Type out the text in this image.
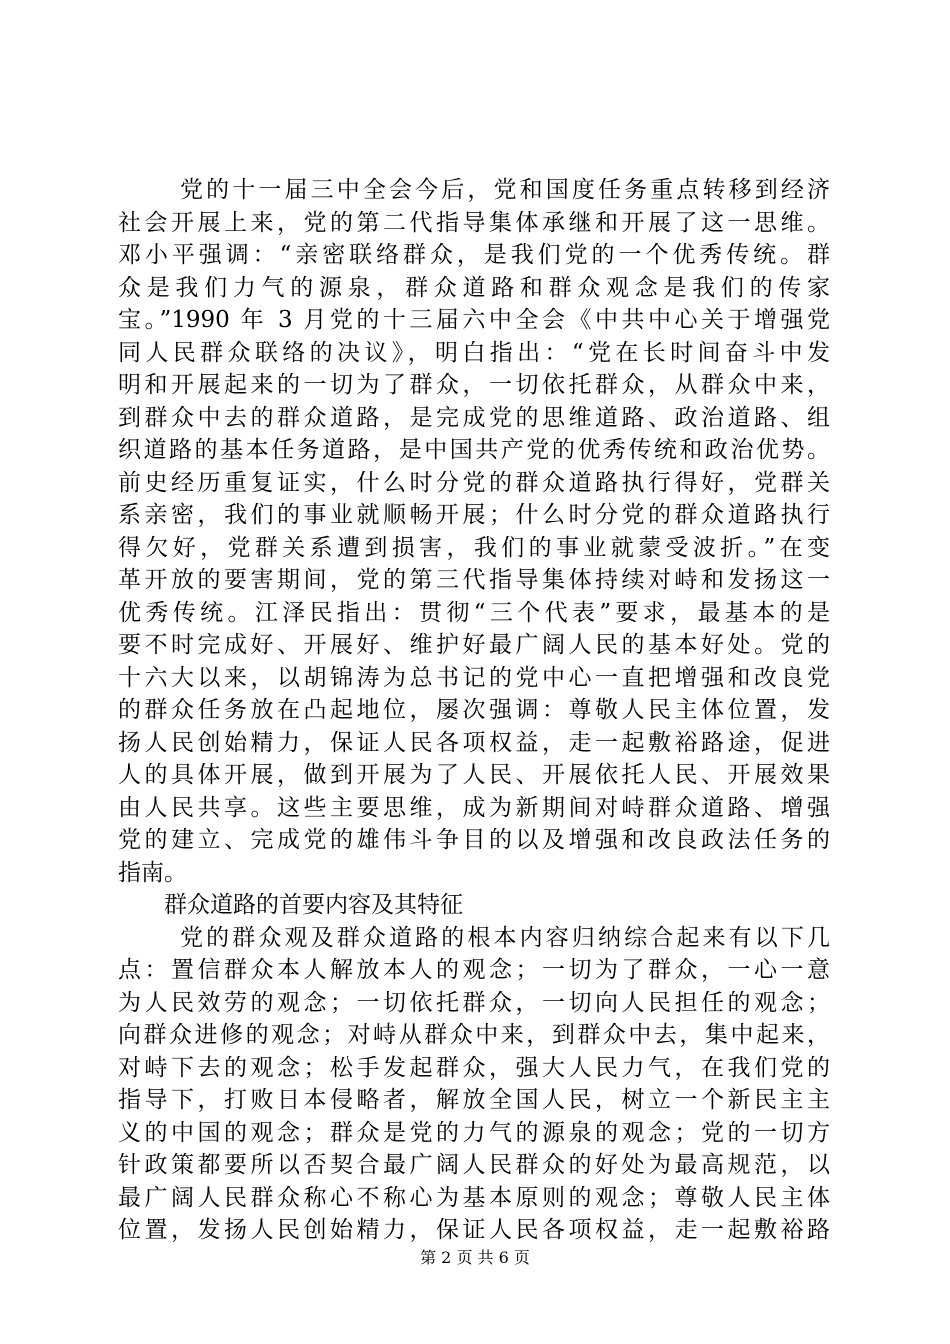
党的十一届三中全会今后，党和国度任务重点转移到经济
社会开展上来，党的第二代指导集体承继和开展了这一思维。
邓小平强调：“亲密联络群众，是我们党的一个优秀传统。群
众是我们力气的源泉，群众道路和群众观念是我们的传家
宝。”1990 年 3 月党的十三届六中全会《中共中心关于增强党
同人民群众联络的决议》，明白指出：“党在长时间奋斗中发
明和开展起来的一切为了群众，一切依托群众，从群众中来，
到群众中去的群众道路，是完成党的思维道路、政治道路、组
织道路的基本任务道路，是中国共产党的优秀传统和政治优势。
前史经历重复证实，什么时分党的群众道路执行得好，党群关
系亲密，我们的事业就顺畅开展；什么时分党的群众道路执行
得欠好，党群关系遭到损害，我们的事业就蒙受波折。”在变
革开放的要害期间，党的第三代指导集体持续对峙和发扬这一
优秀传统。江泽民指出：贯彻“三个代表”要求，最基本的是
要不时完成好、开展好、维护好最广阔人民的基本好处。党的
十六大以来，以胡锦涛为总书记的党中心一直把增强和改良党
的群众任务放在凸起地位，屡次强调：尊敬人民主体位置，发
扬人民创始精力，保证人民各项权益，走一起敷裕路途，促进
人的具体开展，做到开展为了人民、开展依托人民、开展效果
由人民共享。这些主要思维，成为新期间对峙群众道路、增强
党的建立、完成党的雄伟斗争目的以及增强和改良政法任务的
指南。
群众道路的首要内容及其特征
党的群众观及群众道路的根本内容归纳综合起来有以下几
点：置信群众本人解放本人的观念；一切为了群众，一心一意
为人民效劳的观念；一切依托群众，一切向人民担任的观念；
向群众进修的观念；对峙从群众中来，到群众中去，集中起来，
对峙下去的观念；松手发起群众，强大人民力气，在我们党的
指导下，打败日本侵略者，解放全国人民，树立一个新民主主
义的中国的观念；群众是党的力气的源泉的观念；党的一切方
针政策都要所以否契合最广阔人民群众的好处为最高规范，以
最广阔人民群众称心不称心为基本原则的观念；尊敬人民主体
位置，发扬人民创始精力，保证人民各项权益，走一起敷裕路
第 2 页 共 6 页
